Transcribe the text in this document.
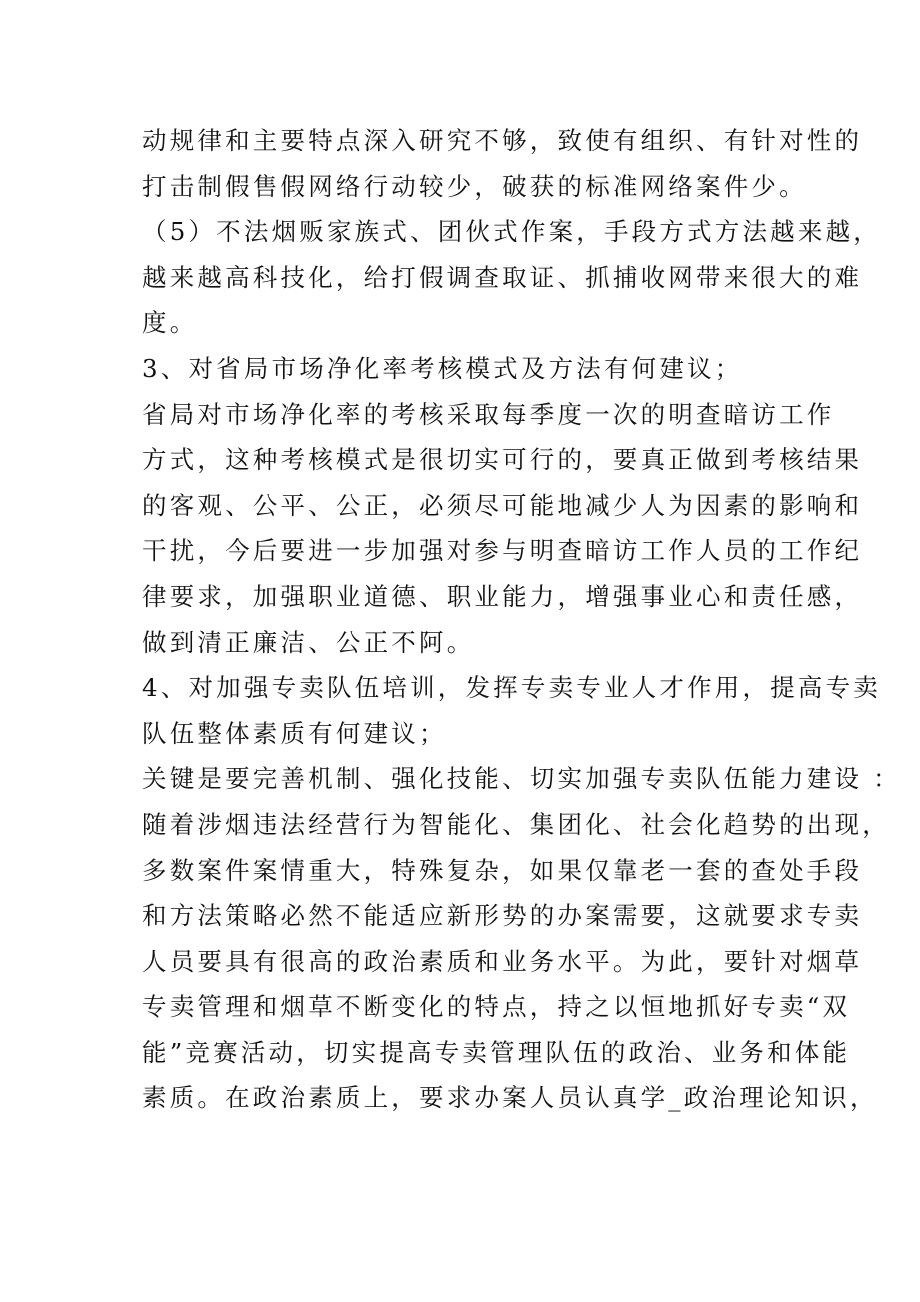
动规律和主要特点深入研究不够，致使有组织、有针对性的
打击制假售假网络行动较少，破获的标准网络案件少。
（5）不法烟贩家族式、团伙式作案，手段方式方法越来越，
越来越高科技化，给打假调查取证、抓捕收网带来很大的难
度。
3、对省局市场净化率考核模式及方法有何建议；
省局对市场净化率的考核采取每季度一次的明查暗访工作
方式，这种考核模式是很切实可行的，要真正做到考核结果
的客观、公平、公正，必须尽可能地减少人为因素的影响和
干扰，今后要进一步加强对参与明查暗访工作人员的工作纪
律要求，加强职业道德、职业能力，增强事业心和责任感，
做到清正廉洁、公正不阿。
4、对加强专卖队伍培训，发挥专卖专业人才作用，提高专卖
队伍整体素质有何建议；
关键是要完善机制、强化技能、切实加强专卖队伍能力建设 ：
随着涉烟违法经营行为智能化、集团化、社会化趋势的出现，
多数案件案情重大，特殊复杂，如果仅靠老一套的查处手段
和方法策略必然不能适应新形势的办案需要，这就要求专卖
人员要具有很高的政治素质和业务水平。为此，要针对烟草
专卖管理和烟草不断变化的特点，持之以恒地抓好专卖“双
能”竞赛活动，切实提高专卖管理队伍的政治、业务和体能
素质。在政治素质上，要求办案人员认真学_政治理论知识，
